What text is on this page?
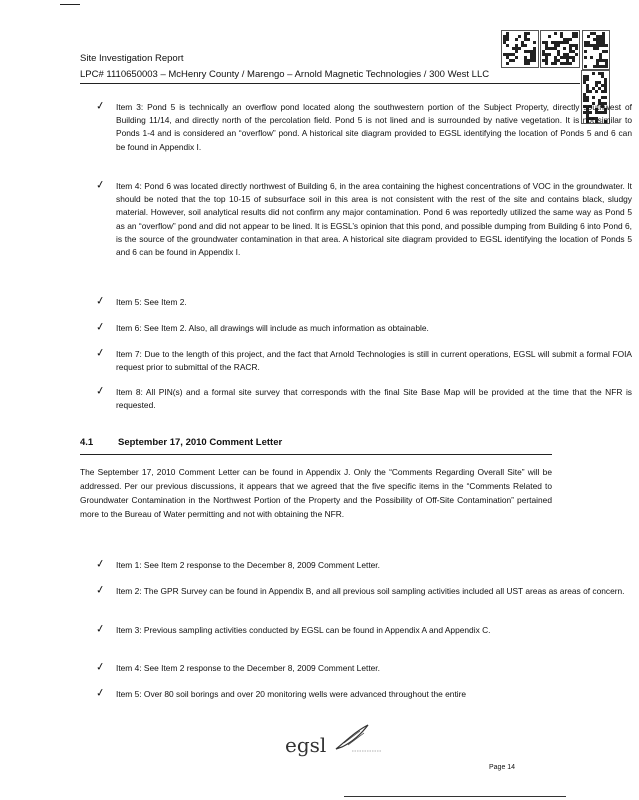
Site Investigation Report
LPC# 1110650003 – McHenry County / Marengo – Arnold Magnetic Technologies / 300 West LLC
✓	Item 3: Pond 5 is technically an overflow pond located along the southwestern portion of the Subject Property, directly southwest of Building 11/14, and directly north of the percolation field. Pond 5 is not lined and is surrounded by native vegetation. It is not similar to Ponds 1-4 and is considered an “overflow” pond. A historical site diagram provided to EGSL identifying the location of Ponds 5 and 6 can be found in Appendix I.
✓	Item 4: Pond 6 was located directly northwest of Building 6, in the area containing the highest concentrations of VOC in the groundwater. It should be noted that the top 10-15 of subsurface soil in this area is not consistent with the rest of the site and contains black, sludgy material. However, soil analytical results did not confirm any major contamination. Pond 6 was reportedly utilized the same way as Pond 5 as an “overflow” pond and did not appear to be lined. It is EGSL’s opinion that this pond, and possible dumping from Building 6 into Pond 6, is the source of the groundwater contamination in that area. A historical site diagram provided to EGSL identifying the location of Ponds 5 and 6 can be found in Appendix I.
✓	Item 5: See Item 2.
✓	Item 6: See Item 2. Also, all drawings will include as much information as obtainable.
✓	Item 7: Due to the length of this project, and the fact that Arnold Technologies is still in current operations, EGSL will submit a formal FOIA request prior to submittal of the RACR.
✓	Item 8: All PIN(s) and a formal site survey that corresponds with the final Site Base Map will be provided at the time that the NFR is requested.
4.1	September 17, 2010 Comment Letter
The September 17, 2010 Comment Letter can be found in Appendix J. Only the “Comments Regarding Overall Site” will be addressed. Per our previous discussions, it appears that we agreed that the five specific items in the “Comments Related to Groundwater Contamination in the Northwest Portion of the Property and the Possibility of Off-Site Contamination” pertained more to the Bureau of Water permitting and not with obtaining the NFR.
✓	Item 1: See Item 2 response to the December 8, 2009 Comment Letter.
✓	Item 2: The GPR Survey can be found in Appendix B, and all previous soil sampling activities included all UST areas as areas of concern.
✓	Item 3: Previous sampling activities conducted by EGSL can be found in Appendix A and Appendix C.
✓	Item 4: See Item 2 response to the December 8, 2009 Comment Letter.
✓	Item 5: Over 80 soil borings and over 20 monitoring wells were advanced throughout the entire
egsl
Page 14
